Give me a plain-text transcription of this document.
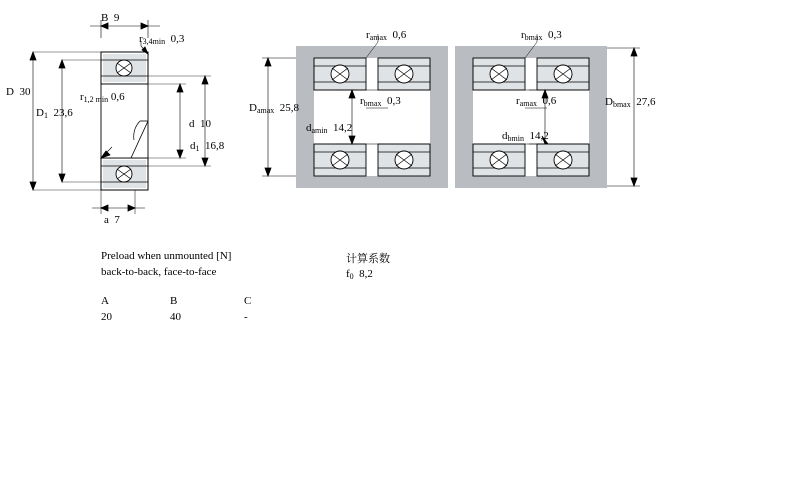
B 9
$r_{3,4min}$ 0,3
D 30	$r_{1,2 min}$ 0,6
$D_1$ 23,6
d 10
$d_1$ 16,8
a 7
$r_{amax}$ 0,6	$r_{bmax}$ 0,3
$D_{amax}$ 25,8
$r_{bmax}$ 0,3	$r_{amax}$ 0,6
$d_{amin}$ 14,2
$D_{bmax}$ 27,6
$d_{bmin}$ 14,2
Preload when unmounted [N]
back-to-back, face-to-face
A	B	C
20	40	-
计算系数
$f_0$ 8,2
